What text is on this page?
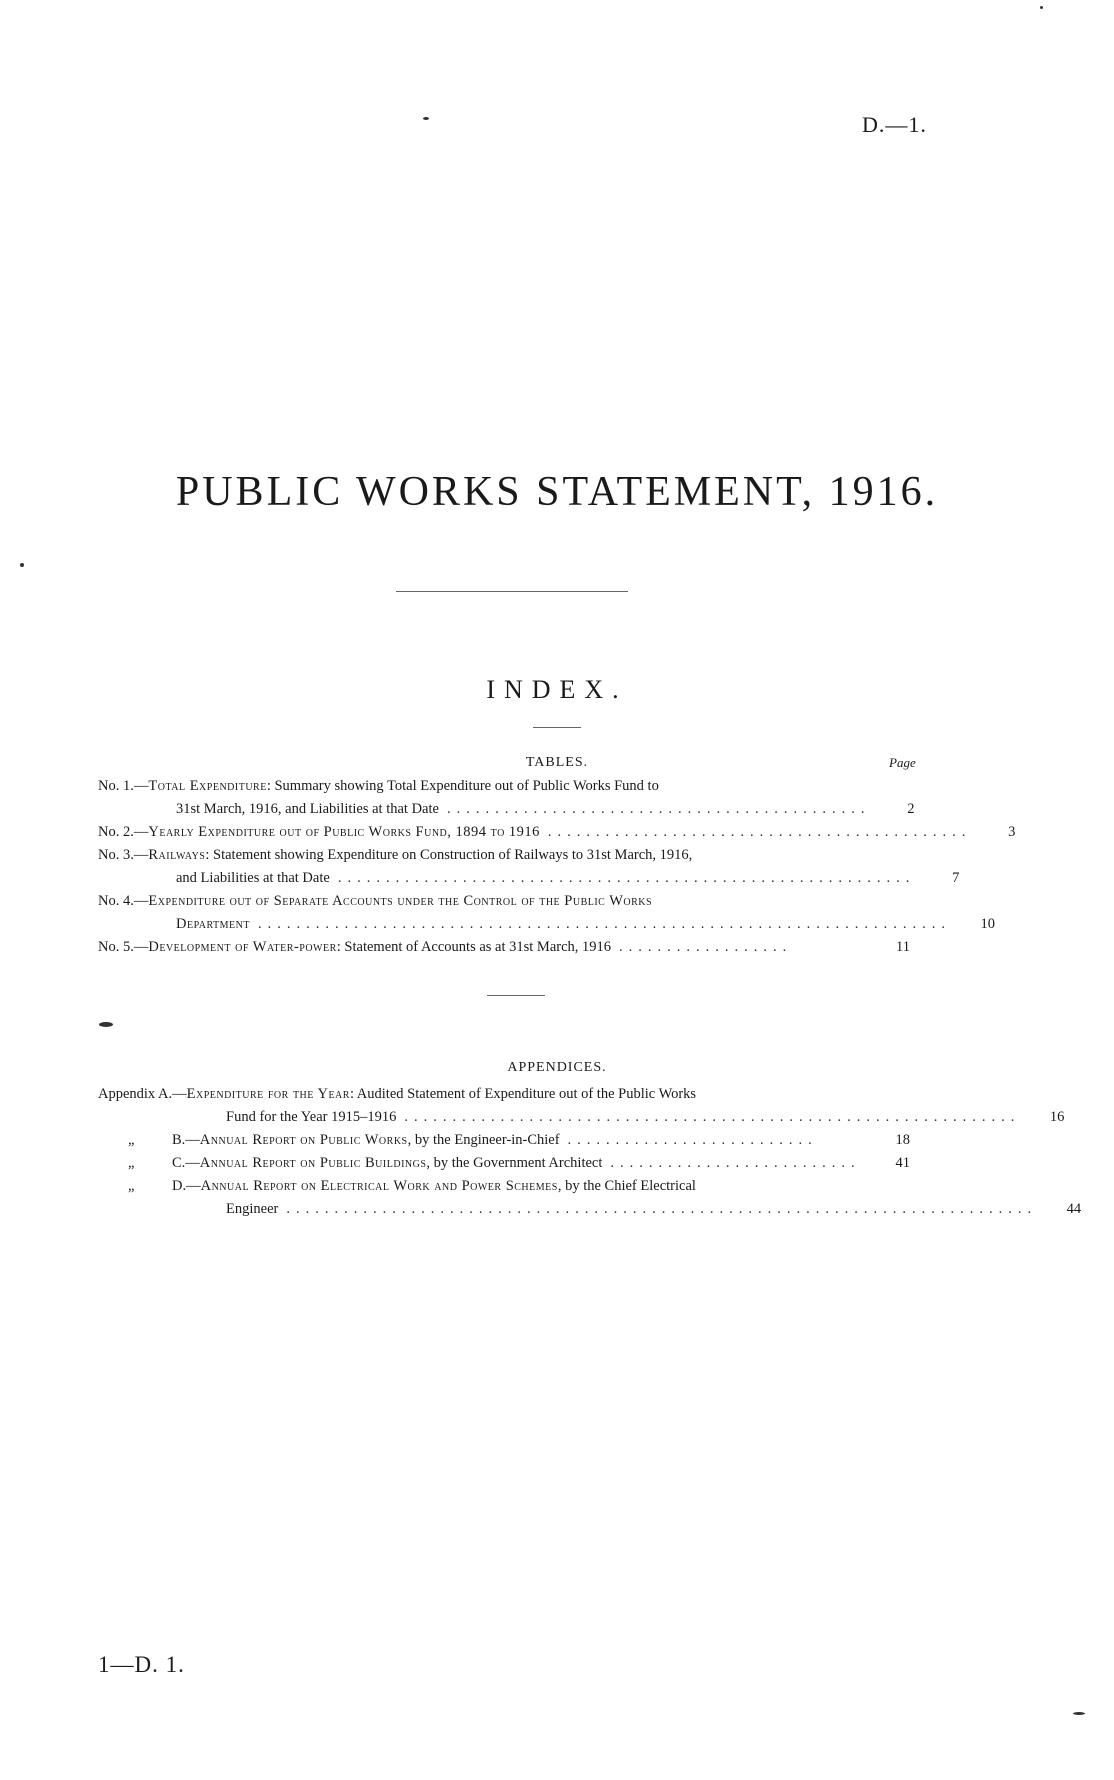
D.—1.
PUBLIC WORKS STATEMENT, 1916.
INDEX.
TABLES.	Page
No. 1.—Total Expenditure: Summary showing Total Expenditure out of Public Works Fund to
31st March, 1916, and Liabilities at that Date ............................................	2
No. 2.—Yearly Expenditure out of Public Works Fund, 1894 to 1916 ............................................	3
No. 3.—Railways: Statement showing Expenditure on Construction of Railways to 31st March, 1916,
and Liabilities at that Date ............................................................	7
No. 4.—Expenditure out of Separate Accounts under the Control of the Public Works
Department ........................................................................	10
No. 5.—Development of Water-power: Statement of Accounts as at 31st March, 1916 ..................	11
APPENDICES.
Appendix A.—Expenditure for the Year: Audited Statement of Expenditure out of the Public Works
Fund for the Year 1915–1916 ................................................................	16
„	B.—Annual Report on Public Works, by the Engineer-in-Chief ..........................	18
„	C.—Annual Report on Public Buildings, by the Government Architect ..........................	41
„	D.—Annual Report on Electrical Work and Power Schemes, by the Chief Electrical
Engineer ..............................................................................	44
1—D. 1.
